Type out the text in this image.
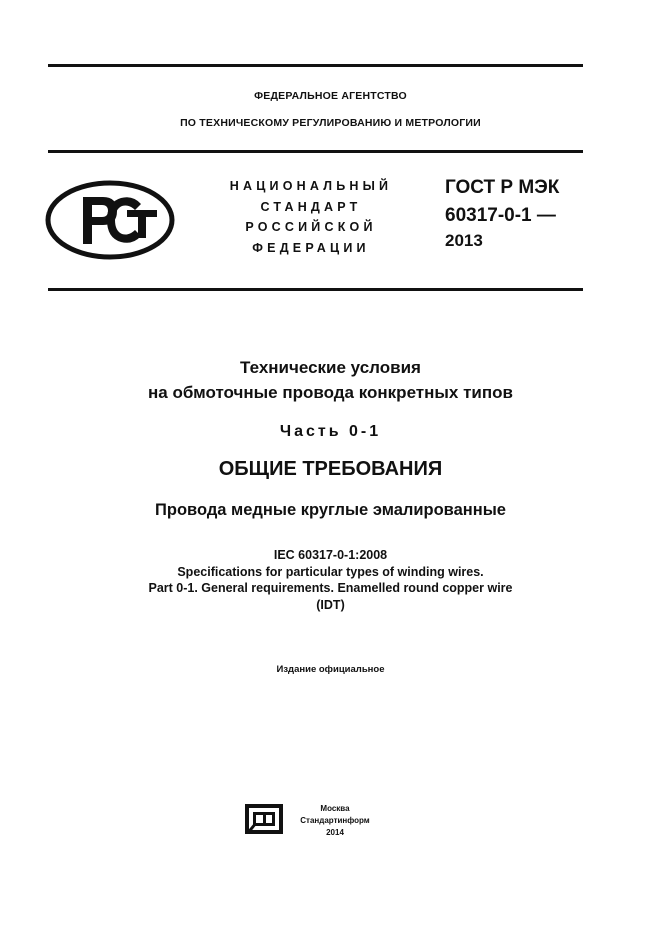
ФЕДЕРАЛЬНОЕ АГЕНТСТВО
ПО ТЕХНИЧЕСКОМУ РЕГУЛИРОВАНИЮ И МЕТРОЛОГИИ
НАЦИОНАЛЬНЫЙ
СТАНДАРТ
РОССИЙСКОЙ
ФЕДЕРАЦИИ
ГОСТ Р МЭК
60317-0-1 —
2013
Технические условия
на обмоточные провода конкретных типов
Часть 0-1
ОБЩИЕ ТРЕБОВАНИЯ
Провода медные круглые эмалированные
IEC 60317-0-1:2008
Specifications for particular types of winding wires.
Part 0-1. General requirements. Enamelled round copper wire
(IDT)
Издание официальное
Москва
Стандартинформ
2014
